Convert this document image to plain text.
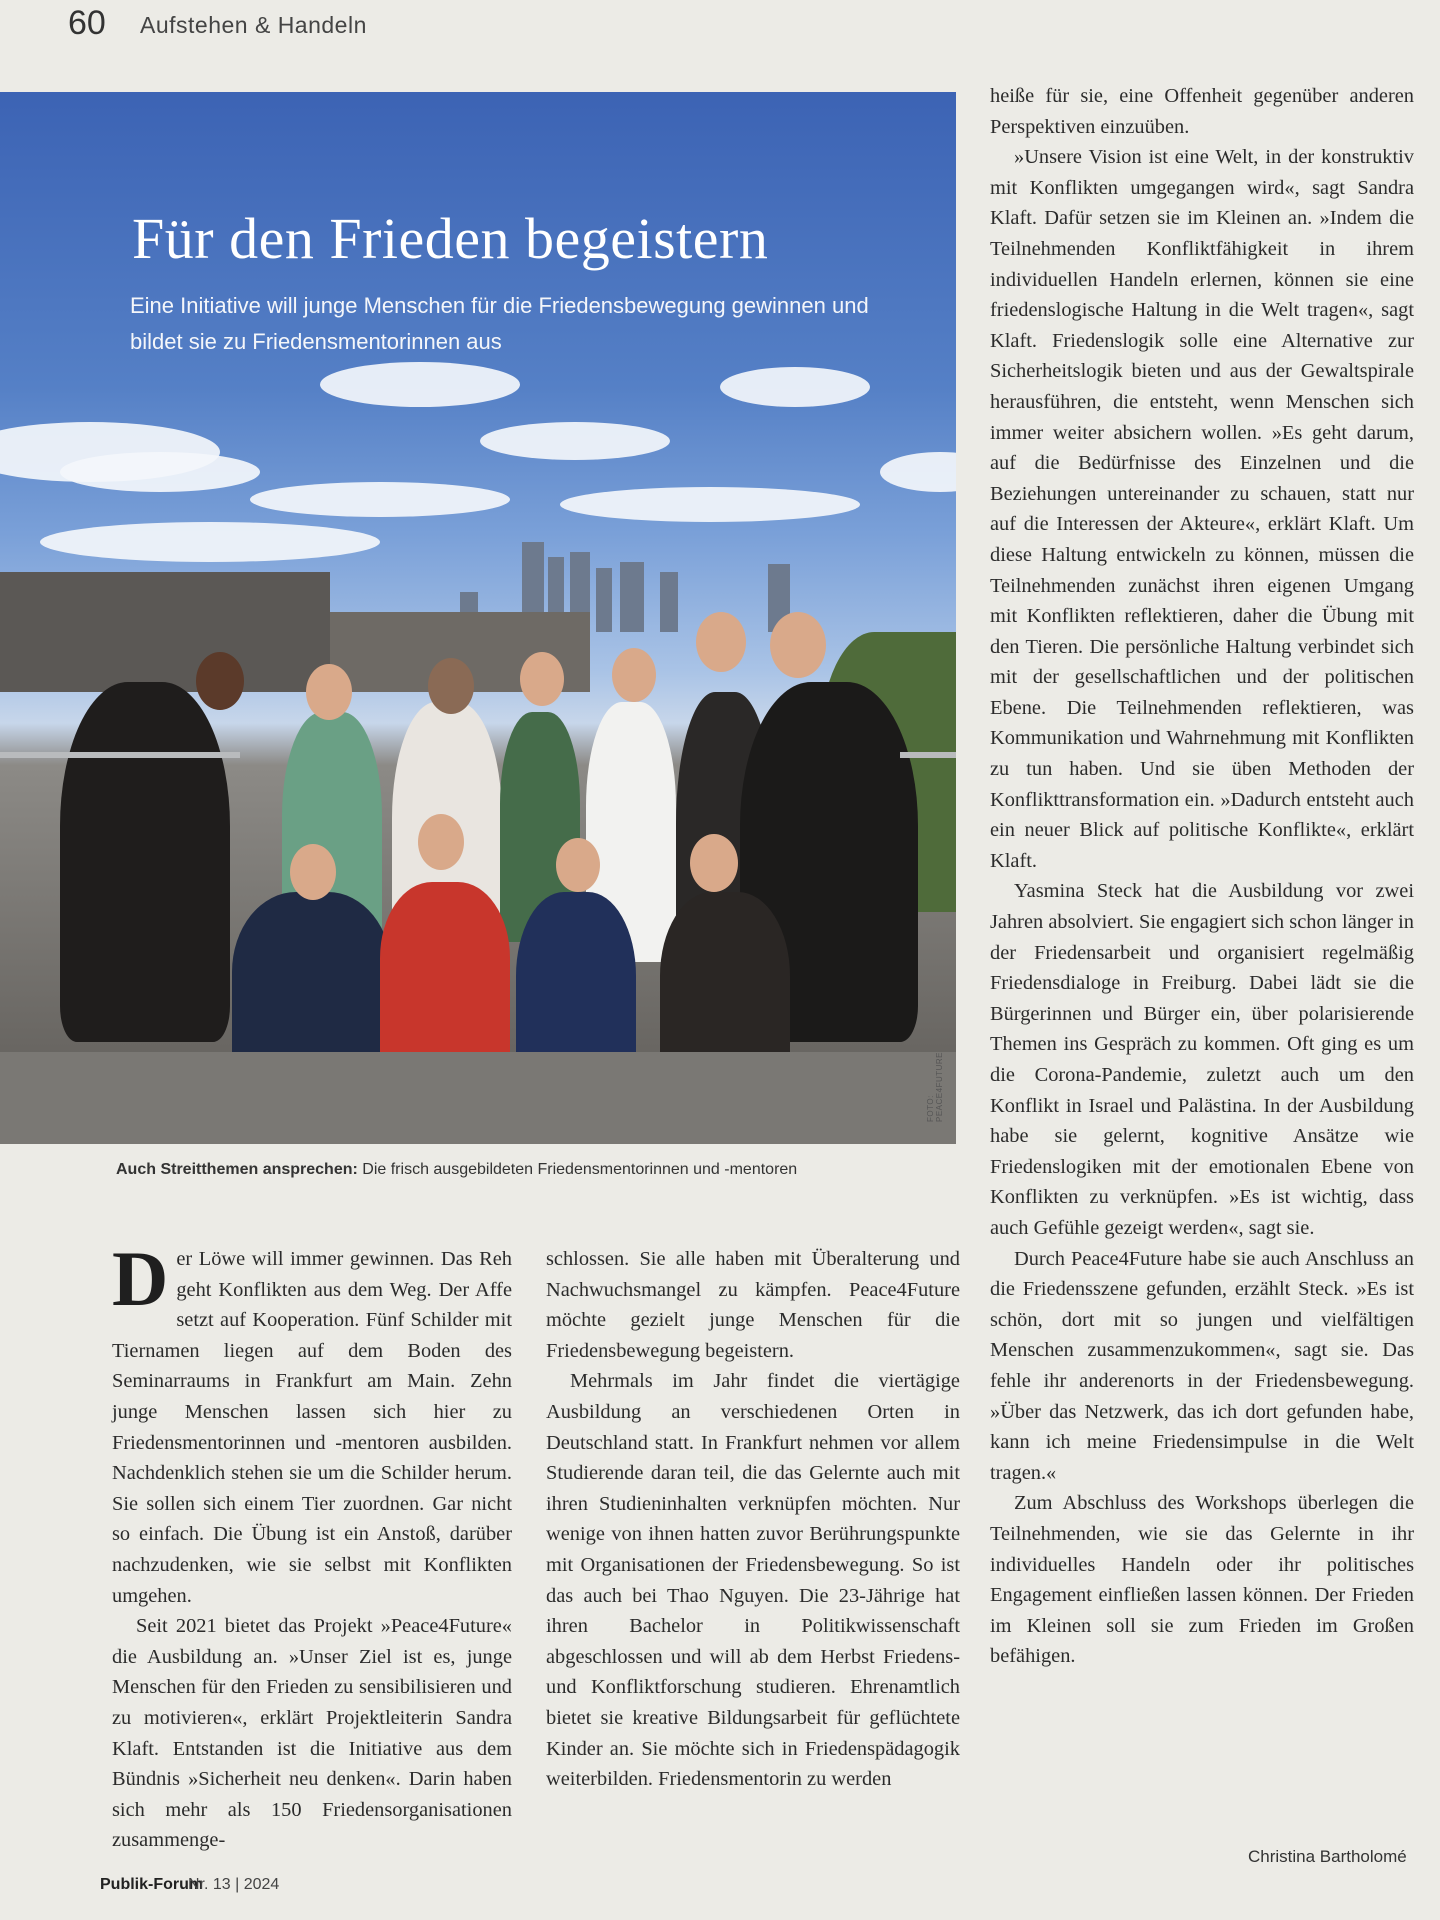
60 Aufstehen & Handeln
Für den Frieden begeistern

Eine Initiative will junge Menschen für die Friedensbewegung gewinnen und bildet sie zu Friedensmentorinnen aus

FOTO: PEACE4FUTURE
Auch Streitthemen ansprechen: Die frisch ausgebildeten Friedensmentorinnen und -mentoren

Der Löwe will immer gewinnen. Das Reh geht Konflikten aus dem Weg. Der Affe setzt auf Kooperation. Fünf Schilder mit Tiernamen liegen auf dem Boden des Seminarraums in Frankfurt am Main. Zehn junge Menschen lassen sich hier zu Friedensmentorinnen und -mentoren ausbilden. Nachdenklich stehen sie um die Schilder herum. Sie sollen sich einem Tier zuordnen. Gar nicht so einfach. Die Übung ist ein Anstoß, darüber nachzudenken, wie sie selbst mit Konflikten umgehen.

Seit 2021 bietet das Projekt »Peace4Future« die Ausbildung an. »Unser Ziel ist es, junge Menschen für den Frieden zu sensibilisieren und zu motivieren«, erklärt Projektleiterin Sandra Klaft. Entstanden ist die Initiative aus dem Bündnis »Sicherheit neu denken«. Darin haben sich mehr als 150 Friedensorganisationen zusammenge-

schlossen. Sie alle haben mit Überalterung und Nachwuchsmangel zu kämpfen. Peace4Future möchte gezielt junge Menschen für die Friedensbewegung begeistern.

Mehrmals im Jahr findet die viertägige Ausbildung an verschiedenen Orten in Deutschland statt. In Frankfurt nehmen vor allem Studierende daran teil, die das Gelernte auch mit ihren Studieninhalten verknüpfen möchten. Nur wenige von ihnen hatten zuvor Berührungspunkte mit Organisationen der Friedensbewegung. So ist das auch bei Thao Nguyen. Die 23-Jährige hat ihren Bachelor in Politikwissenschaft abgeschlossen und will ab dem Herbst Friedens- und Konfliktforschung studieren. Ehrenamtlich bietet sie kreative Bildungsarbeit für geflüchtete Kinder an. Sie möchte sich in Friedenspädagogik weiterbilden. Friedensmentorin zu werden

heiße für sie, eine Offenheit gegenüber anderen Perspektiven einzuüben.

»Unsere Vision ist eine Welt, in der konstruktiv mit Konflikten umgegangen wird«, sagt Sandra Klaft. Dafür setzen sie im Kleinen an. »Indem die Teilnehmenden Konfliktfähigkeit in ihrem individuellen Handeln erlernen, können sie eine friedenslogische Haltung in die Welt tragen«, sagt Klaft. Friedenslogik solle eine Alternative zur Sicherheitslogik bieten und aus der Gewaltspirale herausführen, die entsteht, wenn Menschen sich immer weiter absichern wollen. »Es geht darum, auf die Bedürfnisse des Einzelnen und die Beziehungen untereinander zu schauen, statt nur auf die Interessen der Akteure«, erklärt Klaft. Um diese Haltung entwickeln zu können, müssen die Teilnehmenden zunächst ihren eigenen Umgang mit Konflikten reflektieren, daher die Übung mit den Tieren. Die persönliche Haltung verbindet sich mit der gesellschaftlichen und der politischen Ebene. Die Teilnehmenden reflektieren, was Kommunikation und Wahrnehmung mit Konflikten zu tun haben. Und sie üben Methoden der Konflikttransformation ein. »Dadurch entsteht auch ein neuer Blick auf politische Konflikte«, erklärt Klaft.

Yasmina Steck hat die Ausbildung vor zwei Jahren absolviert. Sie engagiert sich schon länger in der Friedensarbeit und organisiert regelmäßig Friedensdialoge in Freiburg. Dabei lädt sie die Bürgerinnen und Bürger ein, über polarisierende Themen ins Gespräch zu kommen. Oft ging es um die Corona-Pandemie, zuletzt auch um den Konflikt in Israel und Palästina. In der Ausbildung habe sie gelernt, kognitive Ansätze wie Friedenslogiken mit der emotionalen Ebene von Konflikten zu verknüpfen. »Es ist wichtig, dass auch Gefühle gezeigt werden«, sagt sie.

Durch Peace4Future habe sie auch Anschluss an die Friedensszene gefunden, erzählt Steck. »Es ist schön, dort mit so jungen und vielfältigen Menschen zusammenzukommen«, sagt sie. Das fehle ihr anderenorts in der Friedensbewegung. »Über das Netzwerk, das ich dort gefunden habe, kann ich meine Friedensimpulse in die Welt tragen.«

Zum Abschluss des Workshops überlegen die Teilnehmenden, wie sie das Gelernte in ihr individuelles Handeln oder ihr politisches Engagement einfließen lassen können. Der Frieden im Kleinen soll sie zum Frieden im Großen befähigen.

Christina Bartholomé
Publik-Forum
Nr. 13 | 2024
